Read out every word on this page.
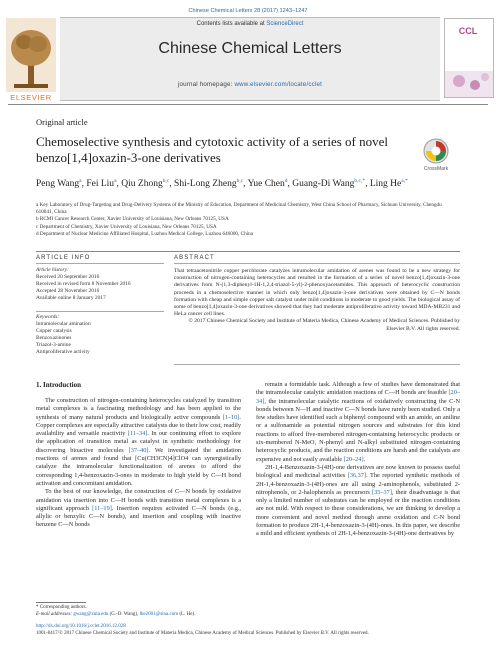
Chinese Chemical Letters 28 (2017) 1243–1247
Contents lists available at ScienceDirect
Chinese Chemical Letters
journal homepage: www.elsevier.com/locate/cclet
ELSEVIER
CCL
Original article
Chemoselective synthesis and cytotoxic activity of a series of novel benzo[1,4]oxazin-3-one derivatives
CrossMark
Peng Wang$^a$, Fei Liu$^a$, Qiu Zhong$^{b,c}$, Shi-Long Zheng$^{b,c}$, Yue Chen$^d$, Guang-Di Wang$^{b,c,*}$, Ling $He^{a,*}$

a Key Laboratory of Drug-Targeting and Drug-Delivery Systems of the Ministry of Education, Department of Medicinal Chemistry, West China School of Pharmacy, Sichuan University, Chengdu 610041, China

b RCMI Cancer Research Center, Xavier University of Louisiana, New Orleans 70125, USA

c Department of Chemistry, Xavier University of Louisiana, New Orleans 70125, USA

d Department of Nuclear Medicine Affiliated Hospital, Luzhou Medical College, Luzhou 646000, China

ARTICLE INFO
Article history:
Received 20 September 2016
Received in revised form 8 November 2016
Accepted 28 November 2016
Available online 8 January 2017
Keywords:
Intramolecular amination
Copper catalysis
Benzoxazinones
Triazol-3-amine
Antiproliferative activity
ABSTRACT
That tetraacetonitrile copper perchlorate catalyzes intramolecular amidation of arenes was found to be a new strategy for construction of nitrogen-containing heterocycles and resulted in the formation of a series of novel benzo[1,4]oxazin-3-one derivatives from N-(1,3-diphenyl-1H-1,2,4-triazol-5-yl)-2-phenoxyacetamides. This approach of heterocyclic construction proceeds in a chemoselective manner in which only benzo[1,4]oxazin-3-one derivatives were obtained by C—N bonds formation with cheap and simple copper salt catalyst under mild conditions in moderate to good yields. The biological assay of some of benzo[1,4]oxazin-3-one derivatives showed that they had moderate antiproliferative activity toward MDA-MB231 and HeLa cancer cell lines.
© 2017 Chinese Chemical Society and Institute of Materia Medica, Chinese Academy of Medical Sciences. Published by Elsevier B.V. All rights reserved.
1. Introduction

The construction of nitrogen-containing heterocycles catalyzed by transition metal complexes is a fascinating methodology and has been applied to the synthesis of many natural products and biologically active compounds [1–10]. Copper complexes are especially attractive catalysts due to their low cost, readily availability and versatile reactivity [11–34]. In our continuing effort to explore the application of transition metal as catalyst in synthetic methodology for discovering bioactive molecules [37–40]. We investigated the amidation reactions of arenes and found that [Cu(CH3CN)4]ClO4 can synergistically catalyze the intramolecular functionalization of arenes to afford the corresponding 1,4-benzoxazin-3-ones in moderate to high yield by C—H bond activation and concomitant amidation.

To the best of our knowledge, the construction of C—N bonds by oxidative amidation via insertion into C—H bonds with transition metal complexes is a significant approach [11–19]. Insertion requires activated C—N bonds (e.g., allylic or benzylic C—N bonds), and insertion and coupling with inactive benzene C—N bonds

remain a formidable task. Although a few of studies have demonstrated that the intramolecular catalytic amidation reactions of C—H bonds are feasible [20–34], the intramolecular catalytic reactions of oxidatively constructing the C-N bonds between N—H and inactive C—N bonds have rarely been studied. Only a few studies have identified such a biphenyl compound with an amide, an aniline or a sulfonamide as potential nitrogen sources and substrates for this kind reactions to afford five-membered nitrogen-containing heterocyclic products or six-membered N-MeO, N-phenyl and N-alkyl substituted nitrogen-containing heterocyclic products, and the reaction conditions are harsh and the catalysts are expensive and not easily available [20–24].

2H-1,4-Benzoxazin-3-(4H)-one derivatives are now known to possess useful biological and medicinal activities [36,37]. The reported synthetic methods of 2H-1,4-benzoxazin-3-(4H)-ones are all using 2-aminophenols, substituted 2-nitrophenols, or 2-halophenols as precursors [35–37], their disadvantage is that only a limited number of substrates can be employed or the reaction conditions are not mild. With respect to these considerations, we are thinking to develop a more convenient and novel method through arene oxidation and C-N bond formation to produce 2H-1,4-benzoxazin-3-(4H)-ones. In this paper, we describe a mild and efficient synthesis of 2H-1,4-benzoxazin-3-(4H)-one derivatives by

* Corresponding authors.
E-mail addresses: gwang@xula.edu (G.-D. Wang), lhe2001@sina.com (L. He).
http://dx.doi.org/10.1016/j.cclet.2016.12.028
1001-8417/© 2017 Chinese Chemical Society and Institute of Materia Medica, Chinese Academy of Medical Sciences. Published by Elsevier B.V. All rights reserved.
